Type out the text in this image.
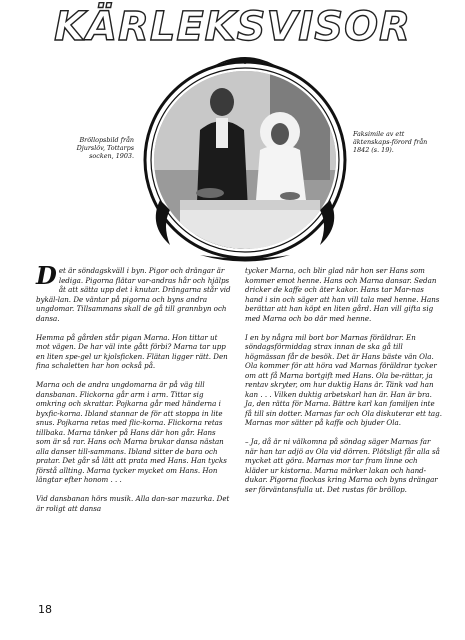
KÄRLEKSVISOR
Bröllopsbild från Djurslöv, Tottarps socken, 1903.
Faksimile av ett äktenskaps-förord från 1842 (s. 19).

Det är söndagskväll i byn. Pigor och drängar är lediga. Pigorna flätar var-andras hår och hjälps åt att sätta upp det i knutar. Drängarna står vid bykäl-lan. De väntar på pigorna och byns andra ungdomar. Tillsammans skall de gå till grannbyn och dansa.

Hemma på gården står pigan Marna. Hon tittar ut mot vägen. De har väl inte gått förbi? Marna tar upp en liten spe-gel ur kjolsficken. Flätan ligger rätt. Den fina schaletten har hon också på.

Marna och de andra ungdomarna är på väg till dansbanan. Flickorna går arm i arm. Tittar sig omkring och skrattar. Pojkarna går med händerna i byxfic-korna. Ibland stannar de för att stoppa in lite snus. Pojkarna retas med flic-korna. Flickorna retas tillbaka. Marna tänker på Hans där hon går. Hans som är så rar. Hans och Marna brukar dansa nästan alla danser till-sammans. Ibland sitter de bara och pratar. Det går så lätt att prata med Hans. Han tycks förstå allting. Marna tycker mycket om Hans. Hon längtar efter honom . . .

Vid dansbanan hörs musik. Alla dan-sar mazurka. Det är roligt att dansa

tycker Marna, och blir glad när hon ser Hans som kommer emot henne. Hans och Marna dansar. Sedan dricker de kaffe och äter kakor. Hans tar Mar-nas hand i sin och säger att han vill tala med henne. Hans berättar att han köpt en liten gård. Han vill gifta sig med Marna och bo där med henne.

I en by några mil bort bor Marnas föräldrar. En söndagsförmiddag strax innan de ska gå till högmässan får de besök. Det är Hans bäste vän Ola. Ola kommer för att höra vad Marnas föräldrar tycker om att få Marna bortgift med Hans. Ola be-rättar, ja rentav skryter, om hur duktig Hans är. Tänk vad han kan . . . Vilken duktig arbetskarl han är. Han är bra. Ja, den rätta för Marna. Bättre karl kan familjen inte få till sin dotter. Marnas far och Ola diskuterar ett tag. Marnas mor sätter på kaffe och bjuder Ola.

– Ja, då är ni välkomna på söndag säger Marnas far när han tar adjö av Ola vid dörren. Plötsligt får alla så mycket att göra. Marnas mor tar fram linne och kläder ur kistorna. Marna märker lakan och hand-dukar. Pigorna flockas kring Marna och byns drängar ser förväntansfulla ut. Det rustas för bröllop.

18
